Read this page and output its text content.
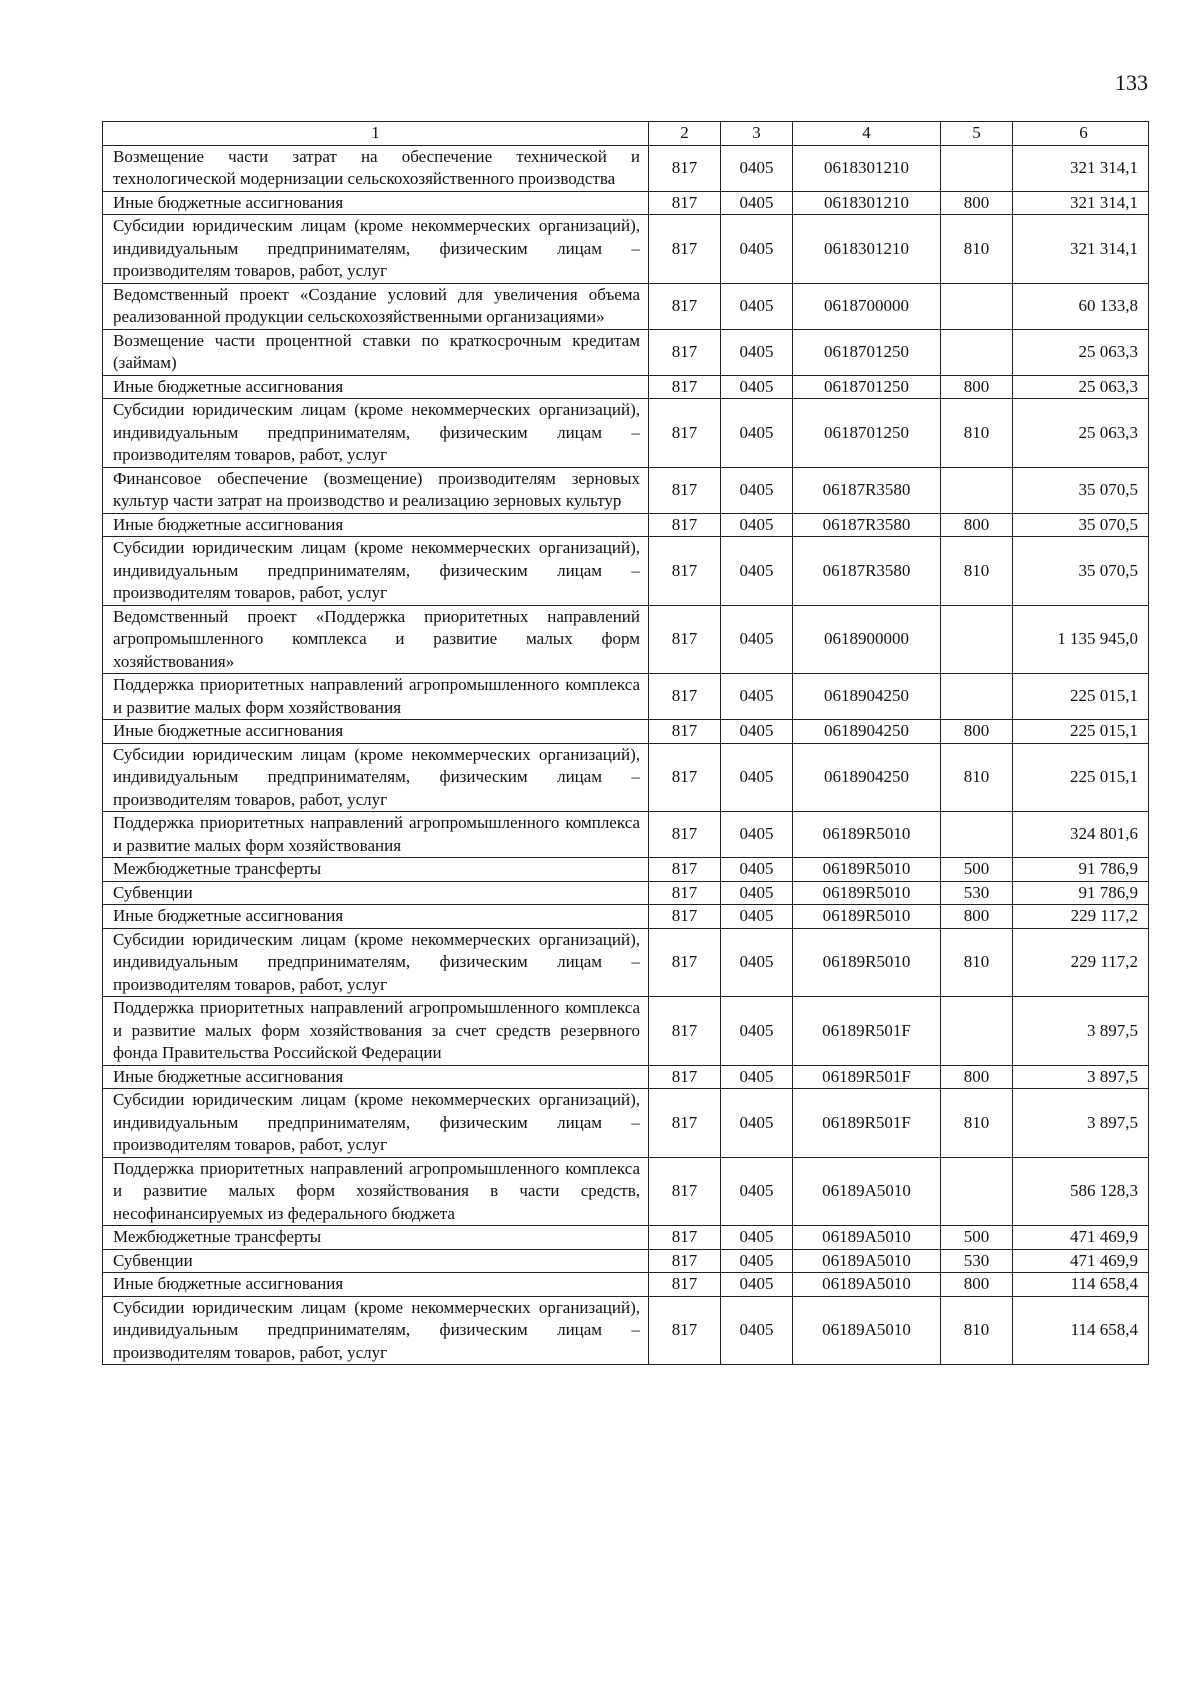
133
1	2	3	4	5	6
Возмещение части затрат на обеспечение технической и технологической модернизации сельскохозяйственного производства	817	0405	0618301210		321 314,1
Иные бюджетные ассигнования	817	0405	0618301210	800	321 314,1
Субсидии юридическим лицам (кроме некоммерческих организаций), индивидуальным предпринимателям, физическим лицам – производителям товаров, работ, услуг	817	0405	0618301210	810	321 314,1
Ведомственный проект «Создание условий для увеличения объема реализованной продукции сельскохозяйственными организациями»	817	0405	0618700000		60 133,8
Возмещение части процентной ставки по краткосрочным кредитам (займам)	817	0405	0618701250		25 063,3
Иные бюджетные ассигнования	817	0405	0618701250	800	25 063,3
Субсидии юридическим лицам (кроме некоммерческих организаций), индивидуальным предпринимателям, физическим лицам – производителям товаров, работ, услуг	817	0405	0618701250	810	25 063,3
Финансовое обеспечение (возмещение) производителям зерновых культур части затрат на производство и реализацию зерновых культур	817	0405	06187R3580		35 070,5
Иные бюджетные ассигнования	817	0405	06187R3580	800	35 070,5
Субсидии юридическим лицам (кроме некоммерческих организаций), индивидуальным предпринимателям, физическим лицам – производителям товаров, работ, услуг	817	0405	06187R3580	810	35 070,5
Ведомственный проект «Поддержка приоритетных направлений агропромышленного комплекса и развитие малых форм хозяйствования»	817	0405	0618900000		1 135 945,0
Поддержка приоритетных направлений агропромышленного комплекса и развитие малых форм хозяйствования	817	0405	0618904250		225 015,1
Иные бюджетные ассигнования	817	0405	0618904250	800	225 015,1
Субсидии юридическим лицам (кроме некоммерческих организаций), индивидуальным предпринимателям, физическим лицам – производителям товаров, работ, услуг	817	0405	0618904250	810	225 015,1
Поддержка приоритетных направлений агропромышленного комплекса и развитие малых форм хозяйствования	817	0405	06189R5010		324 801,6
Межбюджетные трансферты	817	0405	06189R5010	500	91 786,9
Субвенции	817	0405	06189R5010	530	91 786,9
Иные бюджетные ассигнования	817	0405	06189R5010	800	229 117,2
Субсидии юридическим лицам (кроме некоммерческих организаций), индивидуальным предпринимателям, физическим лицам – производителям товаров, работ, услуг	817	0405	06189R5010	810	229 117,2
Поддержка приоритетных направлений агропромышленного комплекса и развитие малых форм хозяйствования за счет средств резервного фонда Правительства Российской Федерации	817	0405	06189R501F		3 897,5
Иные бюджетные ассигнования	817	0405	06189R501F	800	3 897,5
Субсидии юридическим лицам (кроме некоммерческих организаций), индивидуальным предпринимателям, физическим лицам – производителям товаров, работ, услуг	817	0405	06189R501F	810	3 897,5
Поддержка приоритетных направлений агропромышленного комплекса и развитие малых форм хозяйствования в части средств, несофинансируемых из федерального бюджета	817	0405	06189A5010		586 128,3
Межбюджетные трансферты	817	0405	06189A5010	500	471 469,9
Субвенции	817	0405	06189A5010	530	471 469,9
Иные бюджетные ассигнования	817	0405	06189A5010	800	114 658,4
Субсидии юридическим лицам (кроме некоммерческих организаций), индивидуальным предпринимателям, физическим лицам – производителям товаров, работ, услуг	817	0405	06189A5010	810	114 658,4
